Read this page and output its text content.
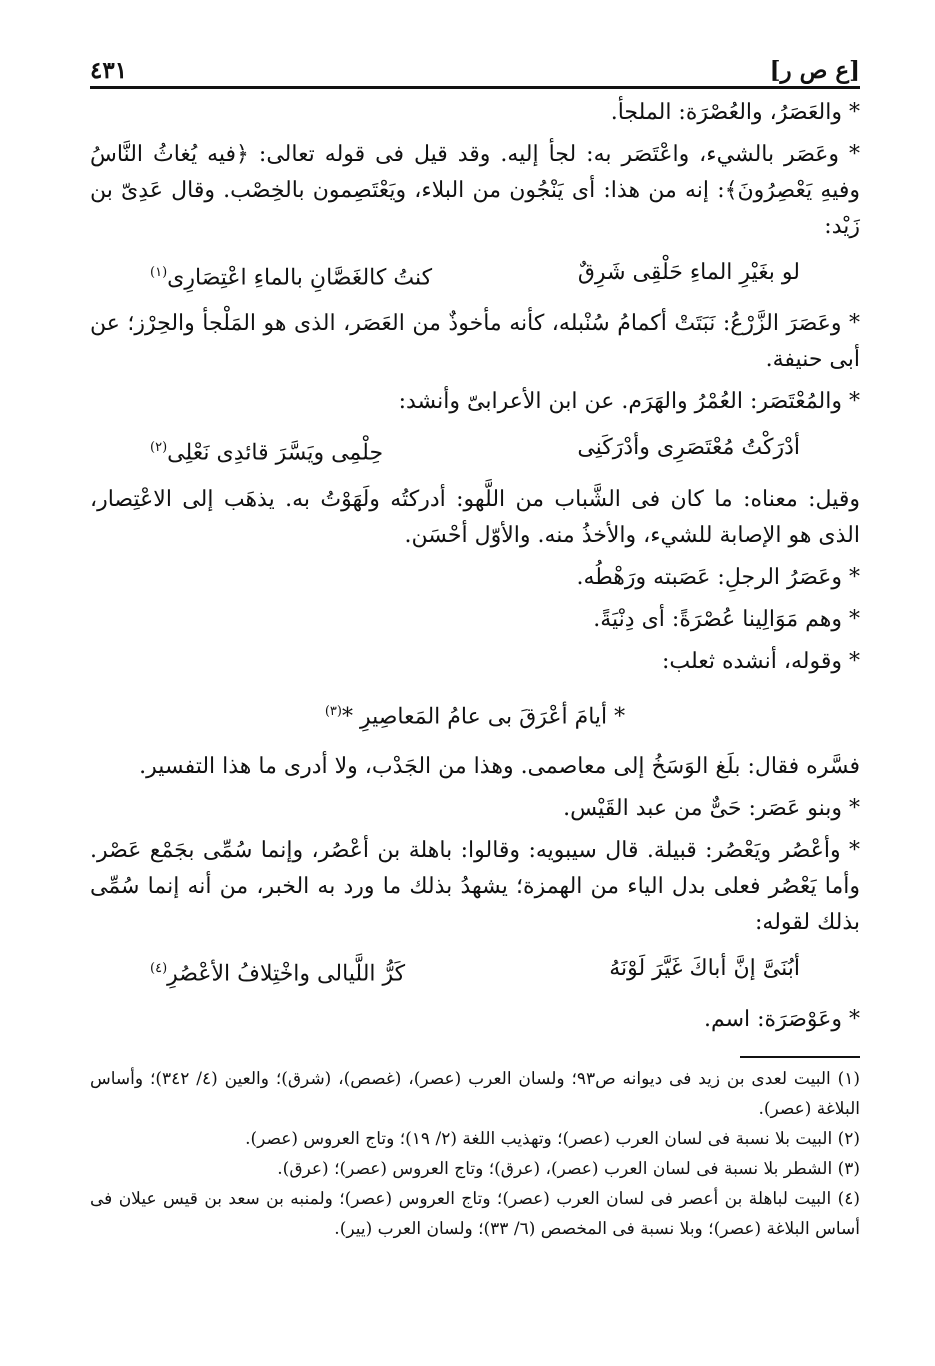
[ع ص ر]
٤٣١

* والعَصَرُ، والعُصْرَة: الملجأ.

* وعَصَر بالشيء، واعْتَصَر به: لجأ إليه. وقد قيل فى قوله تعالى: ﴿فيه يُغاثُ النَّاسُ وفيهِ يَعْصِرُونَ﴾: إنه من هذا: أى يَنْجُون من البلاء، ويَعْتَصِمون بالخِصْب. وقال عَدِىّ بن زَيْد:

لو بغَيْرِ الماءِ حَلْقِى شَرِقٌ
كنتُ كالغَصَّانِ بالماءِ اعْتِصَارِى$^{(١)}$

* وعَصَرَ الزَّرْعُ: نَبَتَتْ أكمامُ سُنْبله، كأنه مأخوذٌ من العَصَر، الذى هو المَلْجأ والحِرْز؛ عن أبى حنيفة.

* والمُعْتَصَر: العُمْرُ والهَرَم. عن ابن الأعرابىّ وأنشد:

أدْرَكْتُ مُعْتَصَرِى وأدْرَكَنِى
حِلْمِى ويَسَّرَ قائدِى نَعْلِى$^{(٢)}$

وقيل: معناه: ما كان فى الشَّباب من اللَّهو: أدركتُه ولَهَوْتُ به. يذهَب إلى الاعْتِصار، الذى هو الإصابة للشيء، والأخذُ منه. والأوّل أحْسَن.

* وعَصَرُ الرجلِ: عَصَبته ورَهْطُه.

* وهم مَوَالِينا عُصْرَةً: أى دِنْيَةً.

* وقوله، أنشده ثعلب:

* أيامَ أعْرَقَ بى عامُ المَعاصِيرِ *$^{(٣)}$

فسَّره فقال: بلَغ الوَسَخُ إلى معاصمى. وهذا من الجَدْب، ولا أدرى ما هذا التفسير.

* وبنو عَصَر: حَىٌّ من عبد القَيْس.

* وأعْصُر ويَعْصُر: قبيلة. قال سيبويه: وقالوا: باهلة بن أعْصُر، وإنما سُمِّى بجَمْع عَصْر. وأما يَعْصُر فعلى بدل الياء من الهمزة؛ يشهدُ بذلك ما ورد به الخبر، من أنه إنما سُمِّى بذلك لقوله:

أبُنَىَّ إنَّ أباكَ غَيَّرَ لَوْنَهُ
كَرُّ اللَّيالى واخْتِلافُ الأعْصُرِ$^{(٤)}$

* وعَوْصَرَة: اسم.

(١) البيت لعدى بن زيد فى ديوانه ص٩٣؛ ولسان العرب (عصر)، (غصص)، (شرق)؛ والعين (٤/ ٣٤٢)؛ وأساس البلاغة (عصر).

(٢) البيت بلا نسبة فى لسان العرب (عصر)؛ وتهذيب اللغة (٢/ ١٩)؛ وتاج العروس (عصر).

(٣) الشطر بلا نسبة فى لسان العرب (عصر)، (عرق)؛ وتاج العروس (عصر)؛ (عرق).

(٤) البيت لباهلة بن أعصر فى لسان العرب (عصر)؛ وتاج العروس (عصر)؛ ولمنبه بن سعد بن قيس عيلان فى أساس البلاغة (عصر)؛ وبلا نسبة فى المخصص (٦/ ٣٣)؛ ولسان العرب (يير).
